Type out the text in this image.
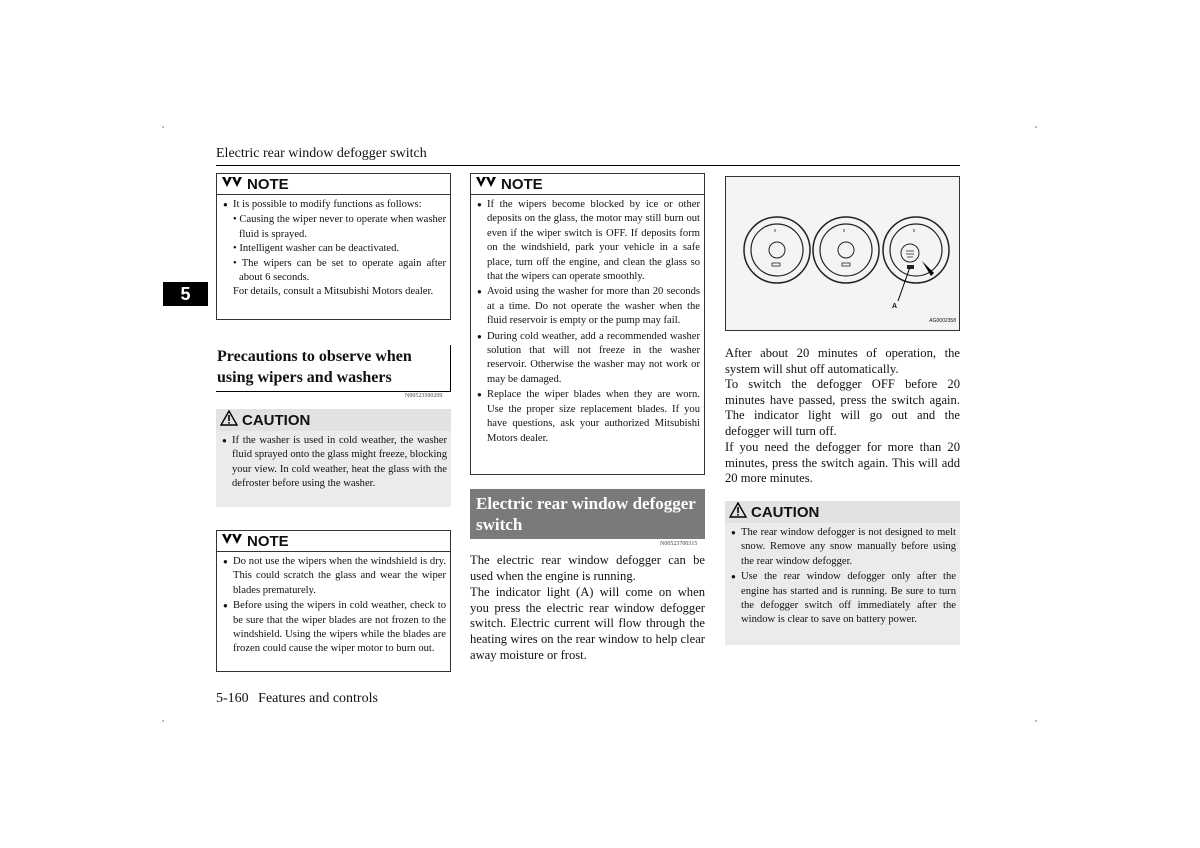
Electric rear window defogger switch
5
NOTE
● It is possible to modify functions as follows:
• Causing the wiper never to operate when washer fluid is sprayed.
• Intelligent washer can be deactivated.
• The wipers can be set to operate again after about 6 seconds.
For details, consult a Mitsubishi Motors dealer.
Precautions to observe when using wipers and washers
N00523500209
CAUTION
● If the washer is used in cold weather, the washer fluid sprayed onto the glass might freeze, blocking your view. In cold weather, heat the glass with the defroster before using the washer.
NOTE
● Do not use the wipers when the windshield is dry. This could scratch the glass and wear the wiper blades prematurely.
● Before using the wipers in cold weather, check to be sure that the wiper blades are not frozen to the windshield. Using the wipers while the blades are frozen could cause the wiper motor to burn out.
NOTE
● If the wipers become blocked by ice or other deposits on the glass, the motor may still burn out even if the wiper switch is OFF. If deposits form on the windshield, park your vehicle in a safe place, turn off the engine, and clean the glass so that the wipers can operate smoothly.
● Avoid using the washer for more than 20 seconds at a time. Do not operate the washer when the fluid reservoir is empty or the pump may fail.
● During cold weather, add a recommended washer solution that will not freeze in the washer reservoir. Otherwise the washer may not work or may be damaged.
● Replace the wiper blades when they are worn. Use the proper size replacement blades. If you have questions, ask your authorized Mitsubishi Motors dealer.
Electric rear window defogger switch
N00523700315
The electric rear window defogger can be used when the engine is running.
The indicator light (A) will come on when you press the electric rear window defogger switch. Electric current will flow through the heating wires on the rear window to help clear away moisture or frost.
A
AG0002358
After about 20 minutes of operation, the system will shut off automatically.
To switch the defogger OFF before 20 minutes have passed, press the switch again. The indicator light will go out and the defogger will turn off.
If you need the defogger for more than 20 minutes, press the switch again. This will add 20 more minutes.
CAUTION
● The rear window defogger is not designed to melt snow. Remove any snow manually before using the rear window defogger.
● Use the rear window defogger only after the engine has started and is running. Be sure to turn the defogger switch off immediately after the window is clear to save on battery power.
5-160 Features and controls
